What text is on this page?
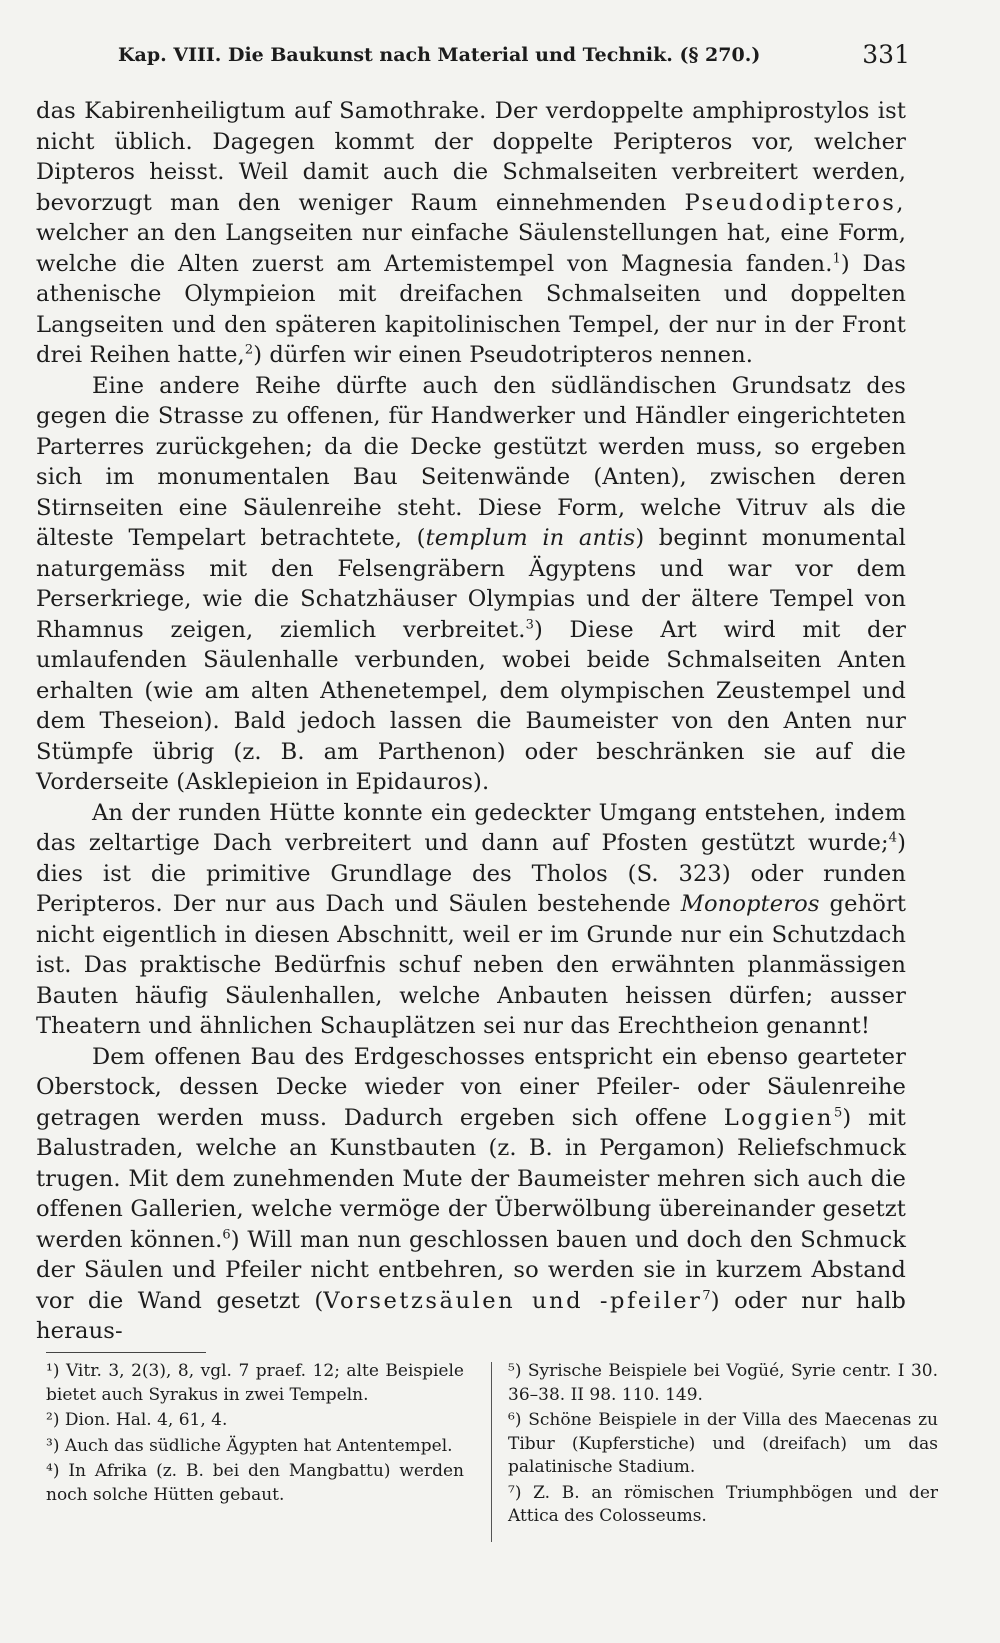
Kap. VIII. Die Baukunst nach Material und Technik. (§ 270.)	331

das Kabirenheiligtum auf Samothrake. Der verdoppelte amphiprostylos ist nicht üblich. Dagegen kommt der doppelte Peripteros vor, welcher Dipteros heisst. Weil damit auch die Schmalseiten verbreitert werden, bevorzugt man den weniger Raum einnehmenden Pseudodipteros, welcher an den Langseiten nur einfache Säulenstellungen hat, eine Form, welche die Alten zuerst am Artemistempel von Magnesia fanden.$^1$) Das athenische Olympieion mit dreifachen Schmalseiten und doppelten Langseiten und den späteren kapitolinischen Tempel, der nur in der Front drei Reihen hatte,$^2$) dürfen wir einen Pseudotripteros nennen.

Eine andere Reihe dürfte auch den südländischen Grundsatz des gegen die Strasse zu offenen, für Handwerker und Händler eingerichteten Parterres zurückgehen; da die Decke gestützt werden muss, so ergeben sich im monumentalen Bau Seitenwände (Anten), zwischen deren Stirnseiten eine Säulenreihe steht. Diese Form, welche Vitruv als die älteste Tempelart betrachtete, (templum in antis) beginnt monumental naturgemäss mit den Felsengräbern Ägyptens und war vor dem Perserkriege, wie die Schatzhäuser Olympias und der ältere Tempel von Rhamnus zeigen, ziemlich verbreitet.$^3$) Diese Art wird mit der umlaufenden Säulenhalle verbunden, wobei beide Schmalseiten Anten erhalten (wie am alten Athenetempel, dem olympischen Zeustempel und dem Theseion). Bald jedoch lassen die Baumeister von den Anten nur Stümpfe übrig (z. B. am Parthenon) oder beschränken sie auf die Vorderseite (Asklepieion in Epidauros).

An der runden Hütte konnte ein gedeckter Umgang entstehen, indem das zeltartige Dach verbreitert und dann auf Pfosten gestützt wurde;$^4$) dies ist die primitive Grundlage des Tholos (S. 323) oder runden Peripteros. Der nur aus Dach und Säulen bestehende Monopteros gehört nicht eigentlich in diesen Abschnitt, weil er im Grunde nur ein Schutzdach ist. Das praktische Bedürfnis schuf neben den erwähnten planmässigen Bauten häufig Säulenhallen, welche Anbauten heissen dürfen; ausser Theatern und ähnlichen Schauplätzen sei nur das Erechtheion genannt!

Dem offenen Bau des Erdgeschosses entspricht ein ebenso gearteter Oberstock, dessen Decke wieder von einer Pfeiler- oder Säulenreihe getragen werden muss. Dadurch ergeben sich offene Loggien$^5$) mit Balustraden, welche an Kunstbauten (z. B. in Pergamon) Reliefschmuck trugen. Mit dem zunehmenden Mute der Baumeister mehren sich auch die offenen Gallerien, welche vermöge der Überwölbung übereinander gesetzt werden können.$^6$) Will man nun geschlossen bauen und doch den Schmuck der Säulen und Pfeiler nicht entbehren, so werden sie in kurzem Abstand vor die Wand gesetzt (Vorsetzsäulen und -pfeiler$^7$) oder nur halb heraus-

¹) Vitr. 3, 2(3), 8, vgl. 7 praef. 12; alte Beispiele bietet auch Syrakus in zwei Tempeln.

²) Dion. Hal. 4, 61, 4.

³) Auch das südliche Ägypten hat Antentempel.

⁴) In Afrika (z. B. bei den Mangbattu) werden noch solche Hütten gebaut.

⁵) Syrische Beispiele bei Vogüé, Syrie centr. I 30. 36–38. II 98. 110. 149.

⁶) Schöne Beispiele in der Villa des Maecenas zu Tibur (Kupferstiche) und (dreifach) um das palatinische Stadium.

⁷) Z. B. an römischen Triumphbögen und der Attica des Colosseums.
